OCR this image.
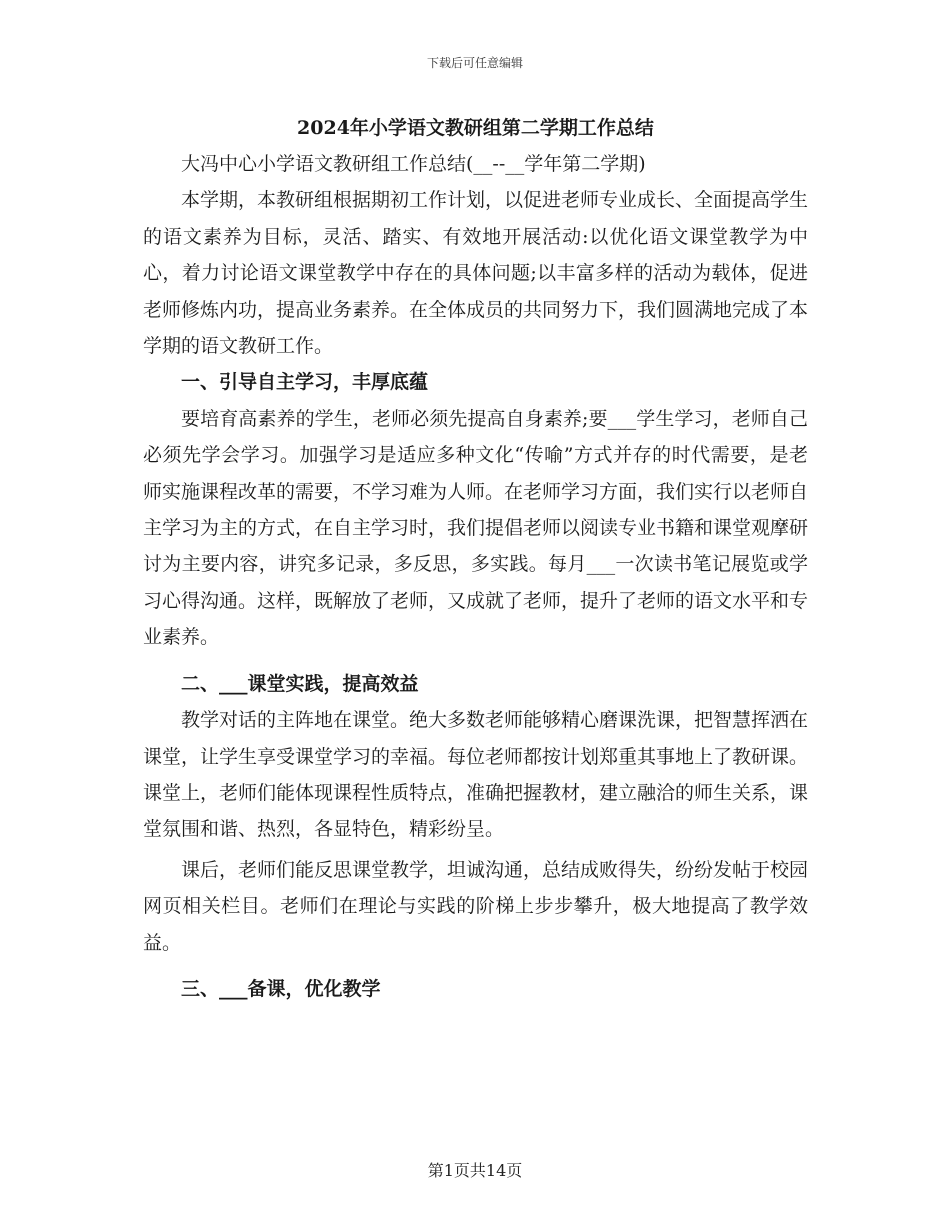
下载后可任意编辑

2024年小学语文教研组第二学期工作总结

大冯中心小学语文教研组工作总结(__--__学年第二学期)

本学期，本教研组根据期初工作计划，以促进老师专业成长、全面提高学生的语文素养为目标，灵活、踏实、有效地开展活动:以优化语文课堂教学为中心，着力讨论语文课堂教学中存在的具体问题;以丰富多样的活动为载体，促进老师修炼内功，提高业务素养。在全体成员的共同努力下，我们圆满地完成了本学期的语文教研工作。

一、引导自主学习，丰厚底蕴

要培育高素养的学生，老师必须先提高自身素养;要___学生学习，老师自己必须先学会学习。加强学习是适应多种文化“传喻”方式并存的时代需要，是老师实施课程改革的需要，不学习难为人师。在老师学习方面，我们实行以老师自主学习为主的方式，在自主学习时，我们提倡老师以阅读专业书籍和课堂观摩研讨为主要内容，讲究多记录，多反思，多实践。每月___一次读书笔记展览或学习心得沟通。这样，既解放了老师，又成就了老师，提升了老师的语文水平和专业素养。

二、___课堂实践，提高效益

教学对话的主阵地在课堂。绝大多数老师能够精心磨课洗课，把智慧挥洒在课堂，让学生享受课堂学习的幸福。每位老师都按计划郑重其事地上了教研课。课堂上，老师们能体现课程性质特点，准确把握教材，建立融洽的师生关系，课堂氛围和谐、热烈，各显特色，精彩纷呈。

课后，老师们能反思课堂教学，坦诚沟通，总结成败得失，纷纷发帖于校园网页相关栏目。老师们在理论与实践的阶梯上步步攀升，极大地提高了教学效益。

三、___备课，优化教学

第1页共14页
